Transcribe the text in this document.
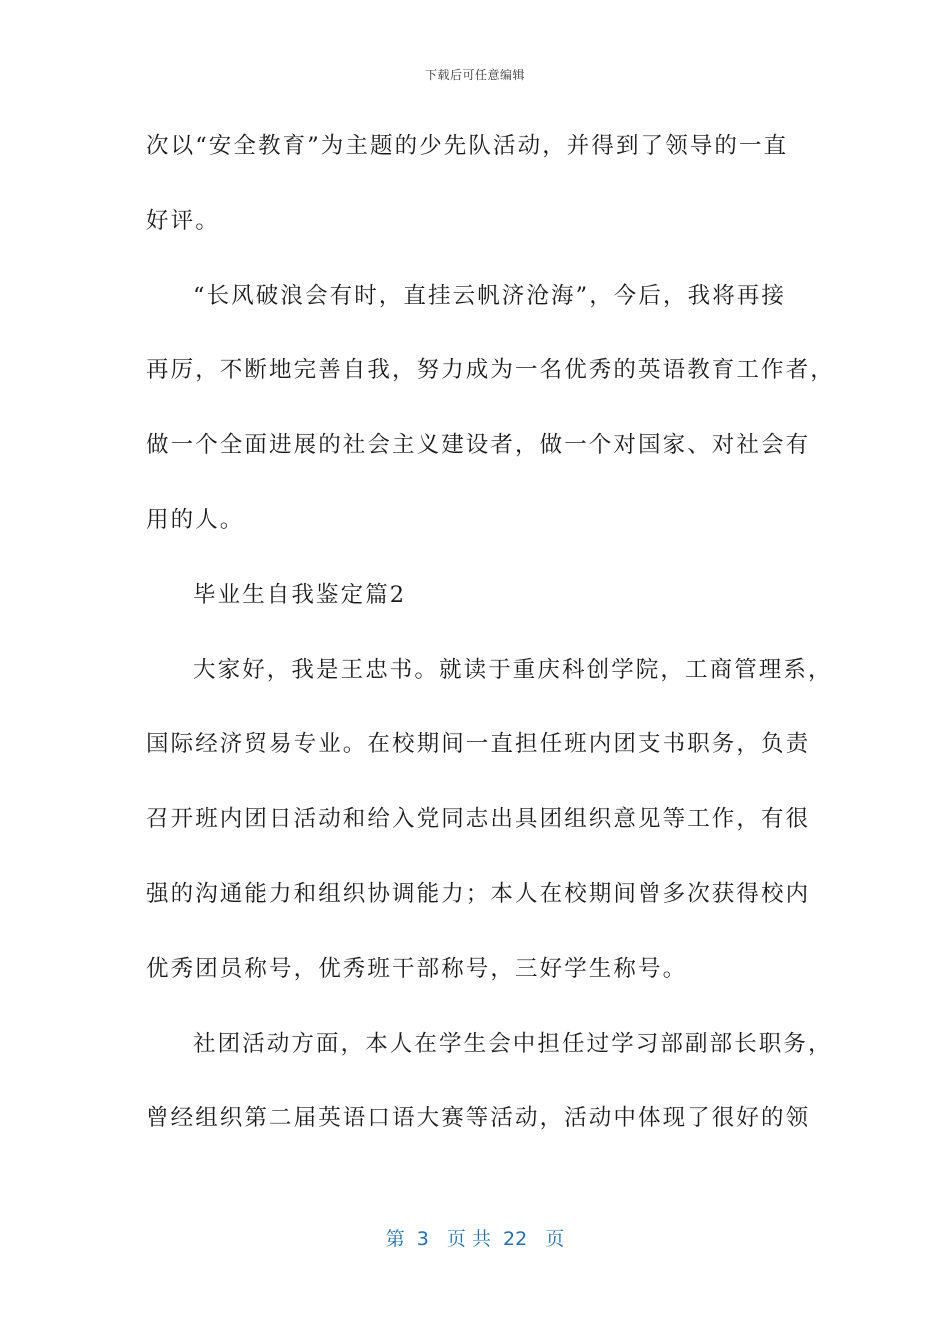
下载后可任意编辑
次以“安全教育”为主题的少先队活动，并得到了领导的一直
好评。
“长风破浪会有时，直挂云帆济沧海”，今后，我将再接
再厉，不断地完善自我，努力成为一名优秀的英语教育工作者，
做一个全面进展的社会主义建设者，做一个对国家、对社会有
用的人。
毕业生自我鉴定篇2
大家好，我是王忠书。就读于重庆科创学院，工商管理系，
国际经济贸易专业。在校期间一直担任班内团支书职务，负责
召开班内团日活动和给入党同志出具团组织意见等工作，有很
强的沟通能力和组织协调能力；本人在校期间曾多次获得校内
优秀团员称号，优秀班干部称号，三好学生称号。
社团活动方面，本人在学生会中担任过学习部副部长职务，
曾经组织第二届英语口语大赛等活动，活动中体现了很好的领
第  3   页 共  22   页
